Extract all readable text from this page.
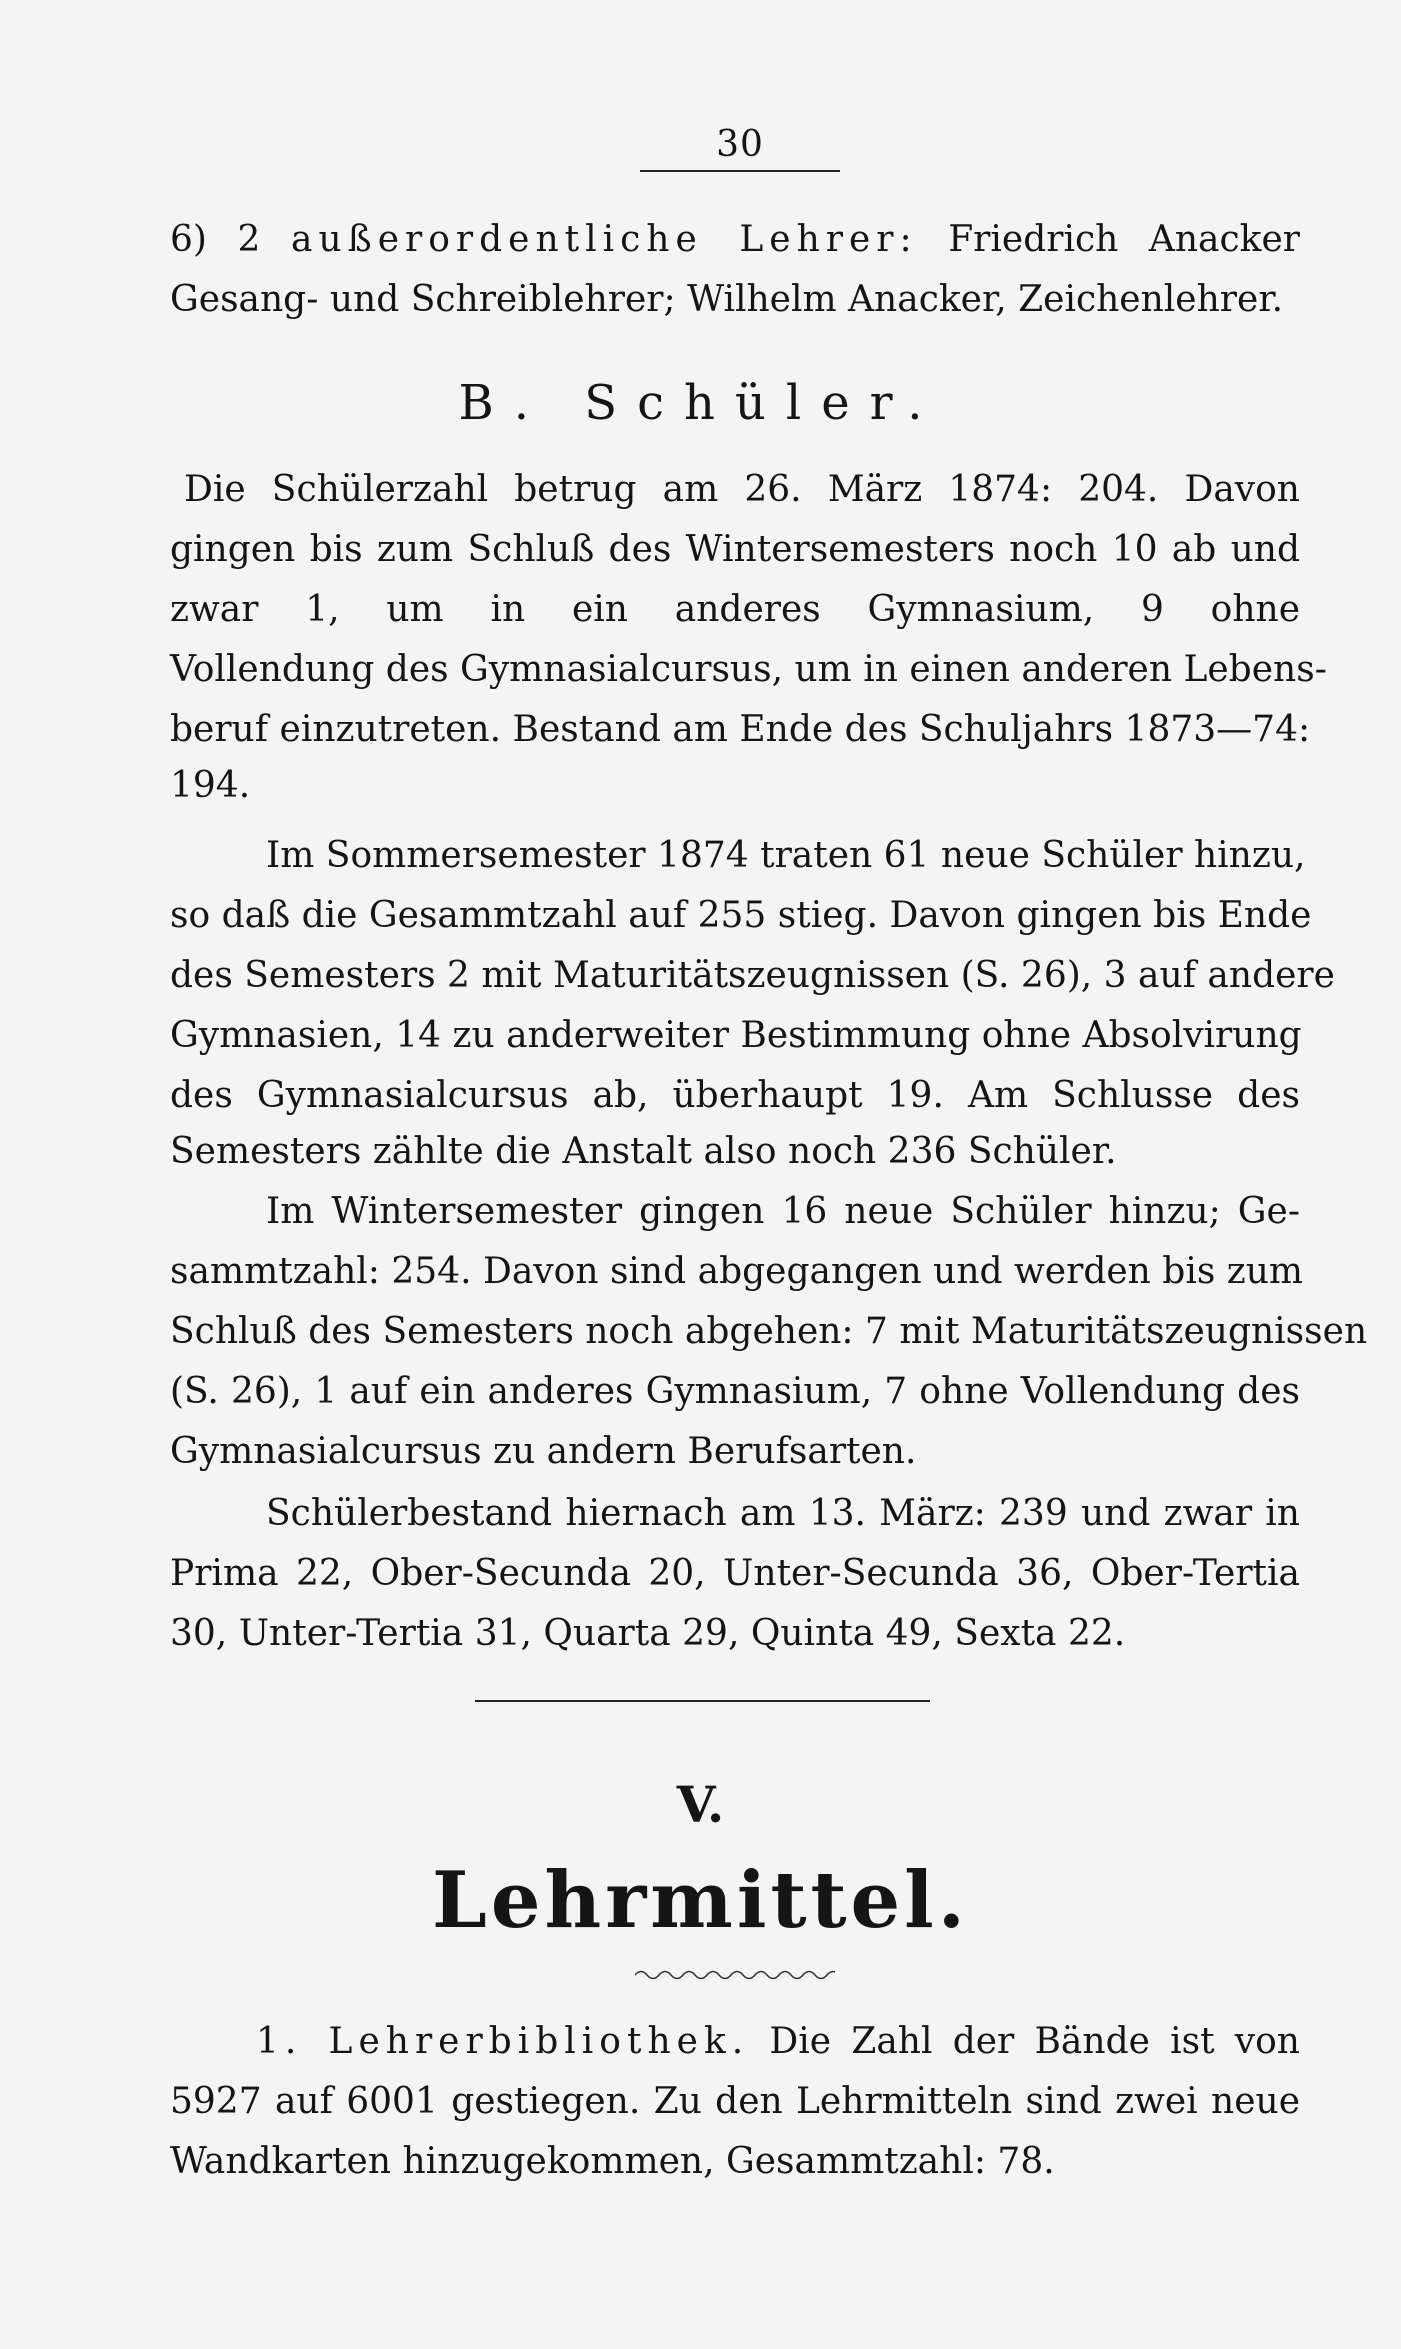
30
6) 2 außerordentliche Lehrer: Friedrich Anacker
Gesang- und Schreiblehrer; Wilhelm Anacker, Zeichenlehrer.
B. Schüler.
Die Schülerzahl betrug am 26. März 1874: 204. Davon
gingen bis zum Schluß des Wintersemesters noch 10 ab und
zwar 1, um in ein anderes Gymnasium, 9 ohne
Vollendung des Gymnasialcursus, um in einen anderen Lebens-
beruf einzutreten. Bestand am Ende des Schuljahrs 1873—74:
194.
Im Sommersemester 1874 traten 61 neue Schüler hinzu,
so daß die Gesammtzahl auf 255 stieg. Davon gingen bis Ende
des Semesters 2 mit Maturitätszeugnissen (S. 26), 3 auf andere
Gymnasien, 14 zu anderweiter Bestimmung ohne Absolvirung
des Gymnasialcursus ab, überhaupt 19. Am Schlusse des
Semesters zählte die Anstalt also noch 236 Schüler.
Im Wintersemester gingen 16 neue Schüler hinzu; Ge-
sammtzahl: 254. Davon sind abgegangen und werden bis zum
Schluß des Semesters noch abgehen: 7 mit Maturitätszeugnissen
(S. 26), 1 auf ein anderes Gymnasium, 7 ohne Vollendung des
Gymnasialcursus zu andern Berufsarten.
Schülerbestand hiernach am 13. März: 239 und zwar in
Prima 22, Ober-Secunda 20, Unter-Secunda 36, Ober-Tertia
30, Unter-Tertia 31, Quarta 29, Quinta 49, Sexta 22.
V.
Lehrmittel.
1. Lehrerbibliothek. Die Zahl der Bände ist von
5927 auf 6001 gestiegen. Zu den Lehrmitteln sind zwei neue
Wandkarten hinzugekommen, Gesammtzahl: 78.
